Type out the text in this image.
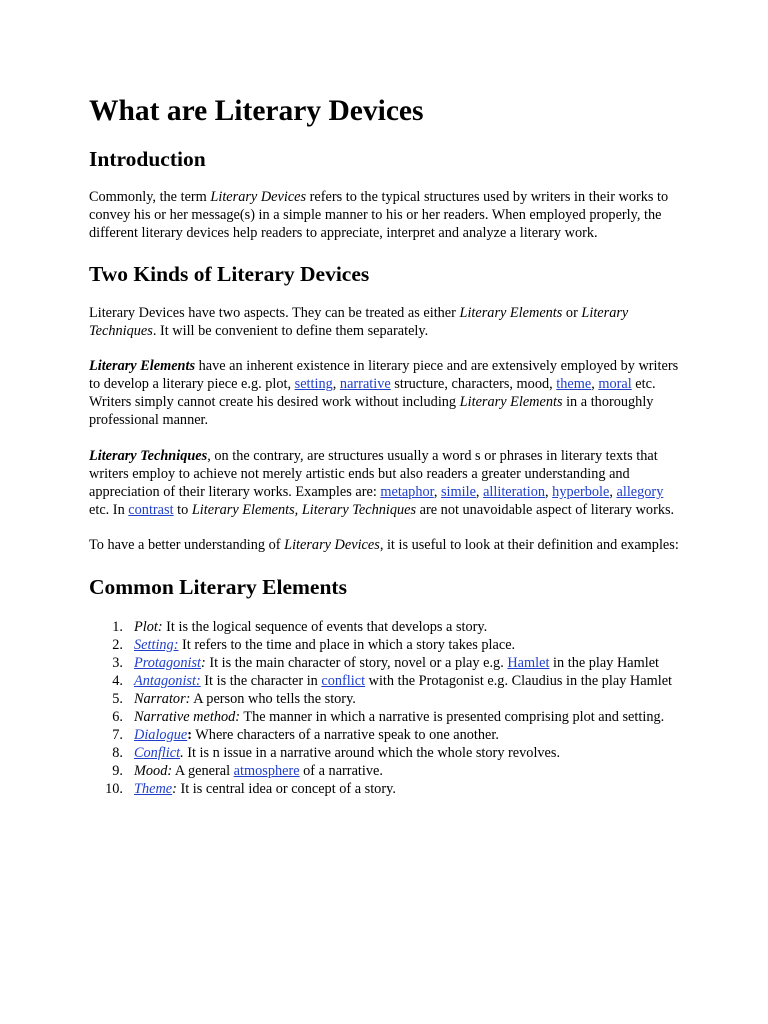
What are Literary Devices
Introduction

Commonly, the term Literary Devices refers to the typical structures used by writers in their works to convey his or her message(s) in a simple manner to his or her readers. When employed properly, the different literary devices help readers to appreciate, interpret and analyze a literary work.

Two Kinds of Literary Devices

Literary Devices have two aspects. They can be treated as either Literary Elements or Literary Techniques. It will be convenient to define them separately.

Literary Elements have an inherent existence in literary piece and are extensively employed by writers to develop a literary piece e.g. plot, setting, narrative structure, characters, mood, theme, moral etc. Writers simply cannot create his desired work without including Literary Elements in a thoroughly professional manner.

Literary Techniques, on the contrary, are structures usually a word s or phrases in literary texts that writers employ to achieve not merely artistic ends but also readers a greater understanding and appreciation of their literary works. Examples are: metaphor, simile, alliteration, hyperbole, allegory etc. In contrast to Literary Elements, Literary Techniques are not unavoidable aspect of literary works.

To have a better understanding of Literary Devices, it is useful to look at their definition and examples:

Common Literary Elements
1. Plot: It is the logical sequence of events that develops a story.
2. Setting: It refers to the time and place in which a story takes place.
3. Protagonist: It is the main character of story, novel or a play e.g. Hamlet in the play Hamlet
4. Antagonist: It is the character in conflict with the Protagonist e.g. Claudius in the play Hamlet
5. Narrator: A person who tells the story.
6. Narrative method: The manner in which a narrative is presented comprising plot and setting.
7. Dialogue: Where characters of a narrative speak to one another.
8. Conflict. It is n issue in a narrative around which the whole story revolves.
9. Mood: A general atmosphere of a narrative.
10. Theme: It is central idea or concept of a story.
